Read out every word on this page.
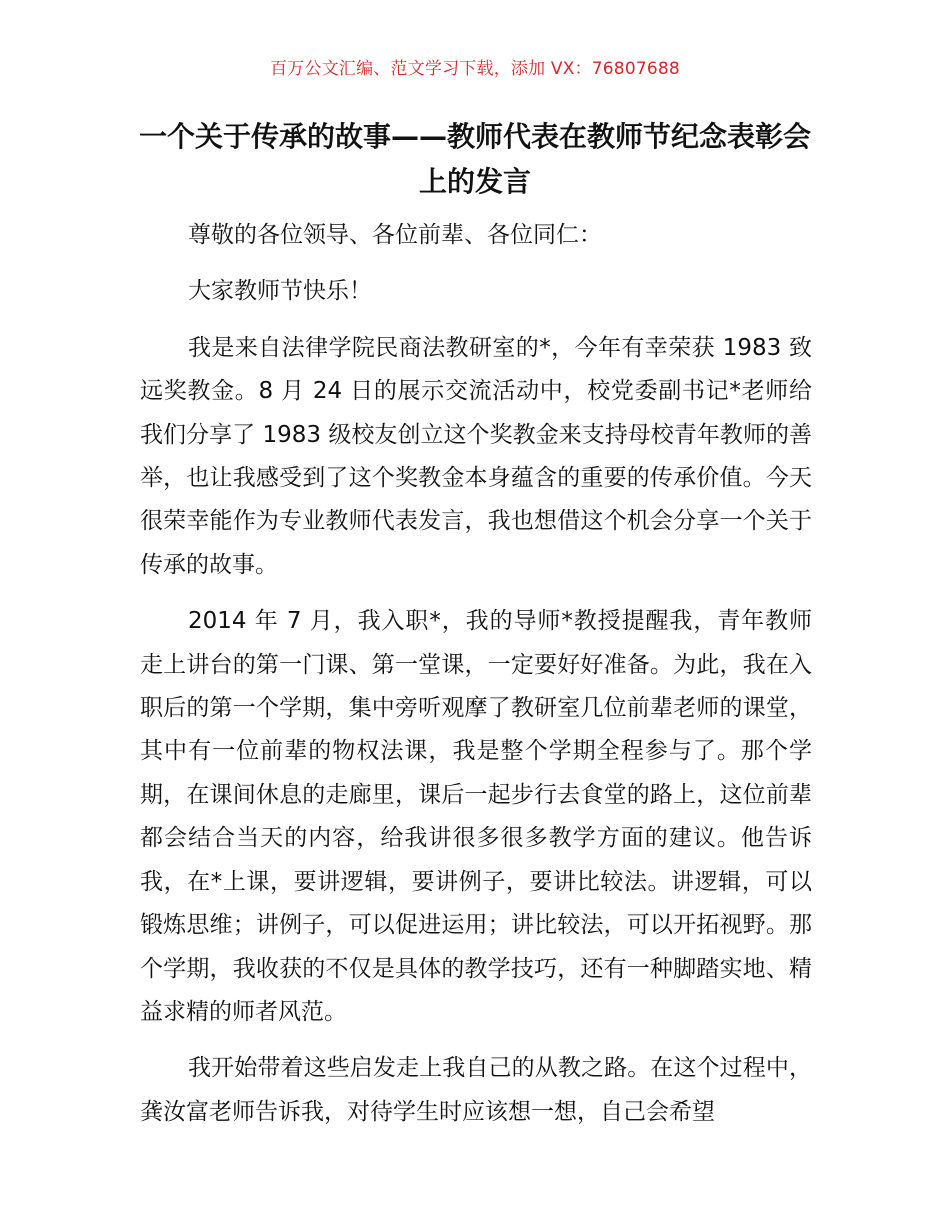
百万公文汇编、范文学习下载，添加 VX：76807688
一个关于传承的故事——教师代表在教师节纪念表彰会上的发言

尊敬的各位领导、各位前辈、各位同仁：

大家教师节快乐！

我是来自法律学院民商法教研室的*，今年有幸荣获 1983 致远奖教金。8 月 24 日的展示交流活动中，校党委副书记*老师给我们分享了 1983 级校友创立这个奖教金来支持母校青年教师的善举，也让我感受到了这个奖教金本身蕴含的重要的传承价值。今天很荣幸能作为专业教师代表发言，我也想借这个机会分享一个关于传承的故事。

2014 年 7 月，我入职*，我的导师*教授提醒我，青年教师走上讲台的第一门课、第一堂课，一定要好好准备。为此，我在入职后的第一个学期，集中旁听观摩了教研室几位前辈老师的课堂，其中有一位前辈的物权法课，我是整个学期全程参与了。那个学期，在课间休息的走廊里，课后一起步行去食堂的路上，这位前辈都会结合当天的内容，给我讲很多很多教学方面的建议。他告诉我，在*上课，要讲逻辑，要讲例子，要讲比较法。讲逻辑，可以锻炼思维；讲例子，可以促进运用；讲比较法，可以开拓视野。那个学期，我收获的不仅是具体的教学技巧，还有一种脚踏实地、精益求精的师者风范。

我开始带着这些启发走上我自己的从教之路。在这个过程中，龚汝富老师告诉我，对待学生时应该想一想，自己会希望
